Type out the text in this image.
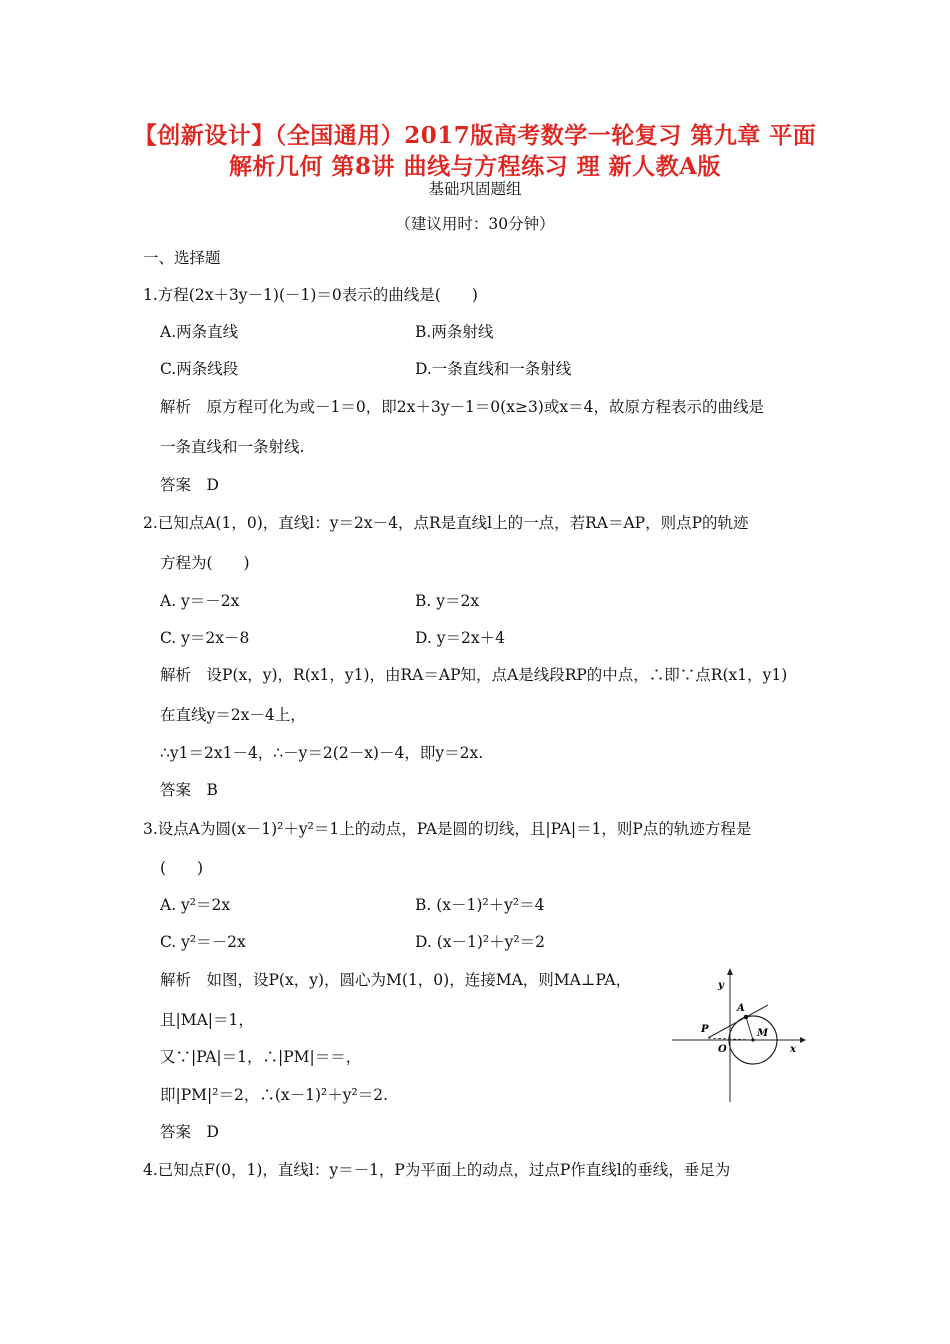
【创新设计】（全国通用）2017版高考数学一轮复习 第九章 平面
解析几何 第8讲 曲线与方程练习 理 新人教A版
基础巩固题组
（建议用时：30分钟）
一、选择题
1.方程(2x＋3y－1)(－1)＝0表示的曲线是(　　)
A.两条直线	B.两条射线
C.两条线段	D.一条直线和一条射线
解析　原方程可化为或－1＝0，即2x＋3y－1＝0(x≥3)或x＝4，故原方程表示的曲线是
一条直线和一条射线.
答案　D
2.已知点A(1，0)，直线l：y＝2x－4，点R是直线l上的一点，若RA＝AP，则点P的轨迹
方程为(　　)
A. y＝－2x	B. y＝2x
C. y＝2x－8	D. y＝2x＋4
解析　设P(x，y)，R(x1，y1)，由RA＝AP知，点A是线段RP的中点，∴即∵点R(x1，y1)
在直线y＝2x－4上，
∴y1＝2x1－4，∴－y＝2(2－x)－4，即y＝2x.
答案　B
3.设点A为圆(x－1)²＋y²＝1上的动点，PA是圆的切线，且|PA|＝1，则P点的轨迹方程是
(　　)
A. y²＝2x	B. (x－1)²＋y²＝4
C. y²＝－2x	D. (x－1)²＋y²＝2
解析　如图，设P(x，y)，圆心为M(1，0)，连接MA，则MA⊥PA，
且|MA|＝1，
又∵|PA|＝1，∴|PM|＝＝，
即|PM|²＝2，∴(x－1)²＋y²＝2.
答案　D
4.已知点F(0，1)，直线l：y＝－1，P为平面上的动点，过点P作直线l的垂线，垂足为
y
x
O
A
P	M
